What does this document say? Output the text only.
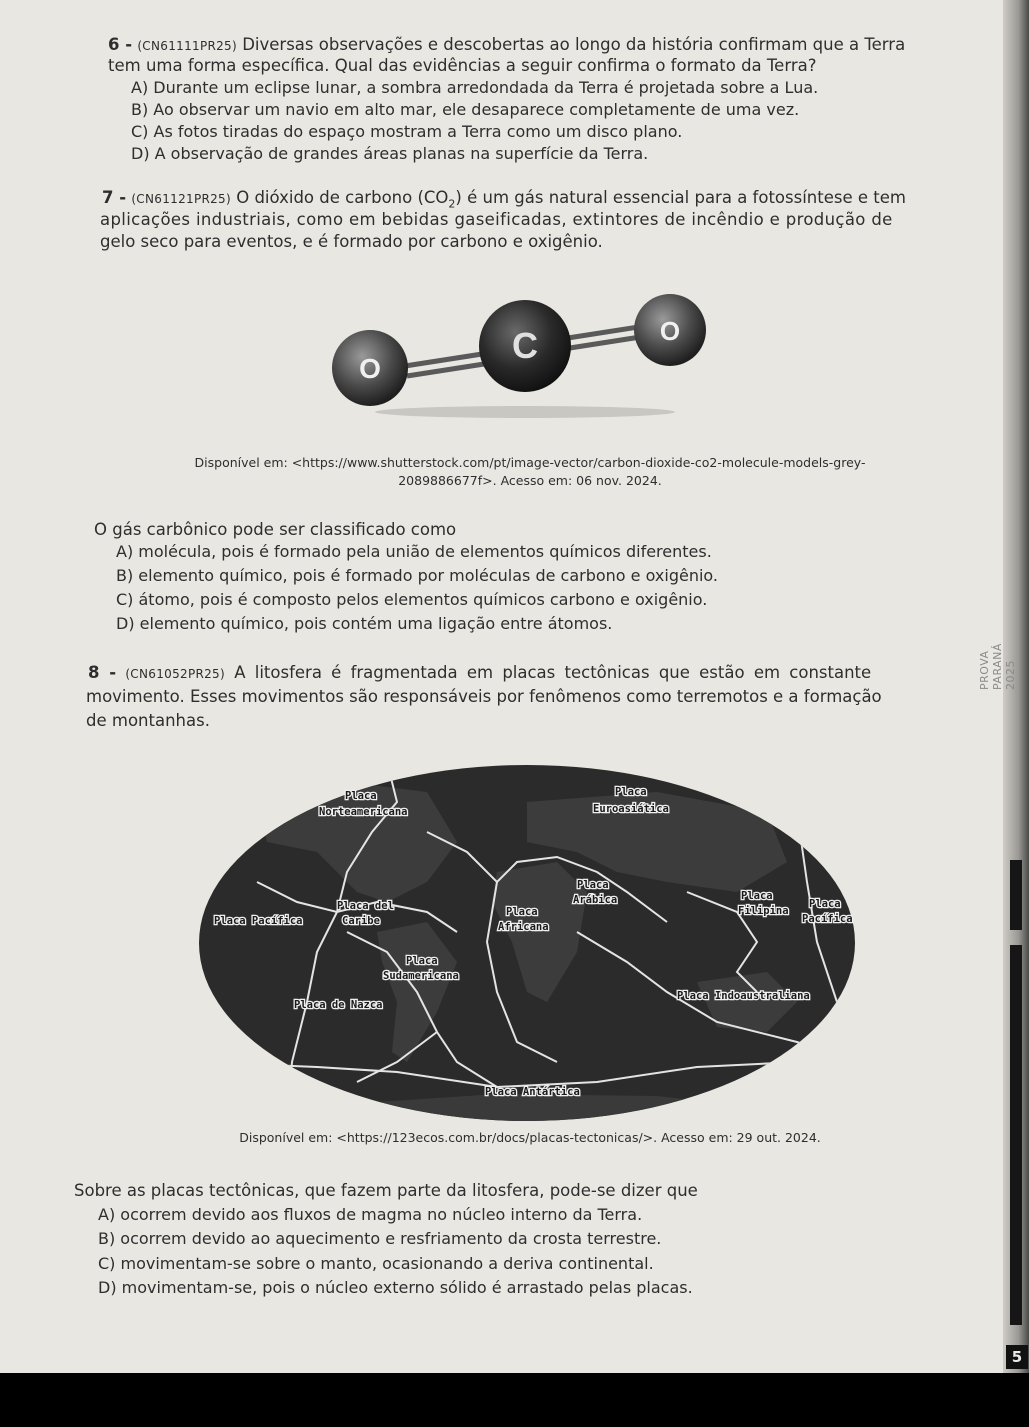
6 - (CN61111PR25) Diversas observações e descobertas ao longo da história confirmam que a Terra
tem uma forma específica. Qual das evidências a seguir confirma o formato da Terra?
A) Durante um eclipse lunar, a sombra arredondada da Terra é projetada sobre a Lua.
B) Ao observar um navio em alto mar, ele desaparece completamente de uma vez.
C) As fotos tiradas do espaço mostram a Terra como um disco plano.
D) A observação de grandes áreas planas na superfície da Terra.
7 - (CN61121PR25) O dióxido de carbono $(CO_2)$ é um gás natural essencial para a fotossíntese e tem
aplicações industriais, como em bebidas gaseificadas, extintores de incêndio e produção de
gelo seco para eventos, e é formado por carbono e oxigênio.
O
C	O
Disponível em: <https://www.shutterstock.com/pt/image-vector/carbon-dioxide-co2-molecule-models-grey-
2089886677f>. Acesso em: 06 nov. 2024.
O gás carbônico pode ser classificado como
A) molécula, pois é formado pela união de elementos químicos diferentes.
B) elemento químico, pois é formado por moléculas de carbono e oxigênio.
C) átomo, pois é composto pelos elementos químicos carbono e oxigênio.
D) elemento químico, pois contém uma ligação entre átomos.
8 - (CN61052PR25) A litosfera é fragmentada em placas tectônicas que estão em constante
movimento. Esses movimentos são responsáveis por fenômenos como terremotos e a formação
de montanhas.
Placa
Norteamericana
Placa
Euroasiática
Placa
Arábica	Placa
Filipina
Placa
Pacífica
Placa del
Caribe
Placa
Africana
Placa Pacífica
Placa
Sudamericana
Placa Indoaustraliana
Placa de Nazca
Placa Antártica
Disponível em: <https://123ecos.com.br/docs/placas-tectonicas/>. Acesso em: 29 out. 2024.
Sobre as placas tectônicas, que fazem parte da litosfera, pode-se dizer que
A) ocorrem devido aos fluxos de magma no núcleo interno da Terra.
B) ocorrem devido ao aquecimento e resfriamento da crosta terrestre.
C) movimentam-se sobre o manto, ocasionando a deriva continental.
D) movimentam-se, pois o núcleo externo sólido é arrastado pelas placas.
PROVA PARANÁ 2025
5
